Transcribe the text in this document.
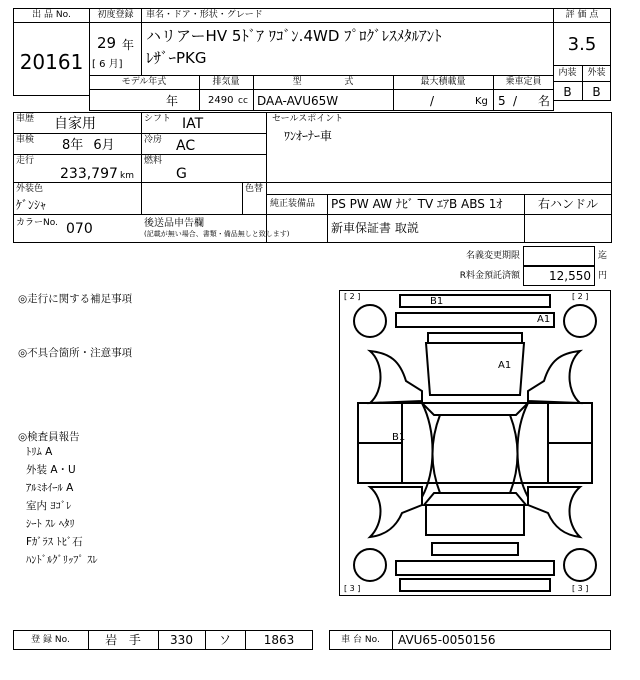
出 品 No.
20161
初度登録
29 年
[ 6 月]
車名・ドア・形状・グレード
ハリアーHV 5ﾄﾞｱ ﾜｺﾞﾝ.4WD ﾌﾟﾛｸﾞﾚｽﾒﾀﾙｱﾝﾄ
ﾚｻﾞｰPKG
評 価 点
3.5
内装	外装
B	B
モデル年式
年
排気量
2490 cc
型 式
DAA-AVU65W
最大積載量
/	Kg
乗車定員
5 / 名
車歴 自家用	シフト IAT	セールスポイント
ﾜﾝｵｰﾅｰ車
車検 8年 6月	冷房 AC
走行
233,797 km
燃料
G
外装色
ｹﾞﾝｼｬ
色替
純正装備品 PS PW AW ﾅﾋﾞ TV ｴｱB ABS 1ｵ	右ハンドル
カラーNo. 070	後送品申告欄
(記載が無い場合、書類・備品無しと致します)	新車保証書 取説
名義変更期限	迄
R料金預託済額	12,550 円
◎走行に関する補足事項
◎不具合箇所・注意事項
◎検査員報告
ﾄﾘﾑ A
外装 A・U
ｱﾙﾐﾎｲｰﾙ A
室内 ﾖｺﾞﾚ
ｼｰﾄ ｽﾚ ﾍﾀﾘ
Fｶﾞﾗｽ ﾄﾋﾞ石
ﾊﾝﾄﾞﾙｸﾞﾘｯﾌﾟ ｽﾚ
[ 2 ]	[ 2 ]
[ 3 ]	[ 3 ]
B1
A1
A1
B1
登 録 No.	岩 手	330	ソ	1863	車 台 No.	AVU65-0050156
